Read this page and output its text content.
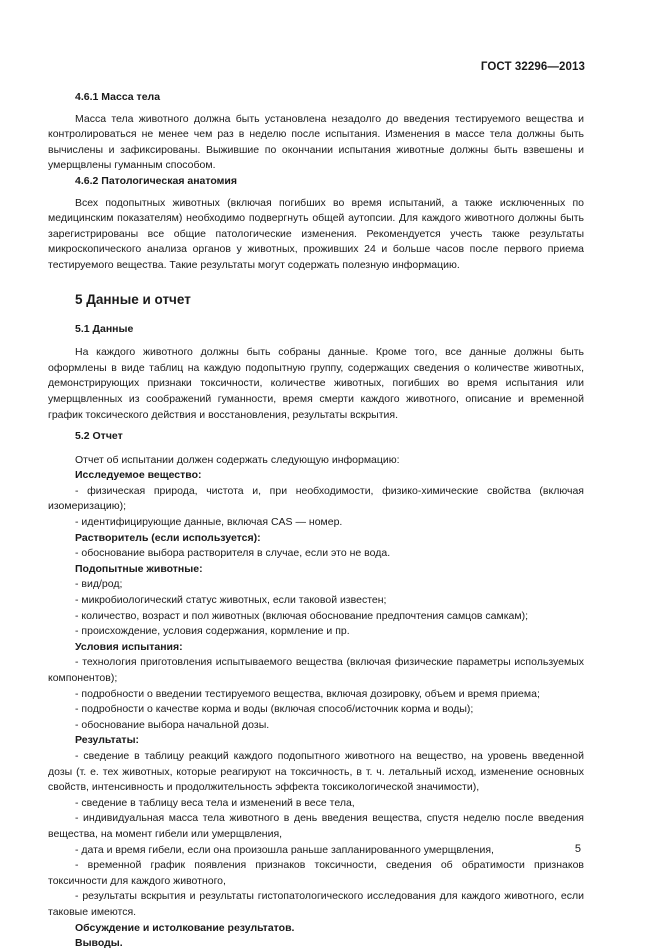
ГОСТ 32296—2013

4.6.1 Масса тела

Масса тела животного должна быть установлена незадолго до введения тестируемого вещества и контролироваться не менее чем раз в неделю после испытания. Изменения в массе тела должны быть вычислены и зафиксированы. Выжившие по окончании испытания животные должны быть взвешены и умерщвлены гуманным способом.

4.6.2 Патологическая анатомия

Всех подопытных животных (включая погибших во время испытаний, а также исключенных по медицинским показателям) необходимо подвергнуть общей аутопсии. Для каждого животного должны быть зарегистрированы все общие патологические изменения. Рекомендуется учесть также результаты микроскопического анализа органов у животных, проживших 24 и больше часов после первого приема тестируемого вещества. Такие результаты могут содержать полезную информацию.

5 Данные и отчет

5.1 Данные

На каждого животного должны быть собраны данные. Кроме того, все данные должны быть оформлены в виде таблиц на каждую подопытную группу, содержащих сведения о количестве животных, демонстрирующих признаки токсичности, количестве животных, погибших во время испытания или умерщвленных из соображений гуманности, время смерти каждого животного, описание и временной график токсического действия и восстановления, результаты вскрытия.

5.2 Отчет

Отчет об испытании должен содержать следующую информацию:

Исследуемое вещество:

- физическая природа, чистота и, при необходимости, физико-химические свойства (включая изомеризацию);

- идентифицирующие данные, включая CAS — номер.

Растворитель (если используется):

- обоснование выбора растворителя в случае, если это не вода.

Подопытные животные:

- вид/род;

- микробиологический статус животных, если таковой известен;

- количество, возраст и пол животных (включая обоснование предпочтения самцов самкам);

- происхождение, условия содержания, кормление и пр.

Условия испытания:

- технология приготовления испытываемого вещества (включая физические параметры используемых компонентов);

- подробности о введении тестируемого вещества, включая дозировку, объем и время приема;

- подробности о качестве корма и воды (включая способ/источник корма и воды);

- обоснование выбора начальной дозы.

Результаты:

- сведение в таблицу реакций каждого подопытного животного на вещество, на уровень введенной дозы (т. е. тех животных, которые реагируют на токсичность, в т. ч. летальный исход, изменение основных свойств, интенсивность и продолжительность эффекта токсикологической значимости),

- сведение в таблицу веса тела и изменений в весе тела,

- индивидуальная масса тела животного в день введения вещества, спустя неделю после введения вещества, на момент гибели или умерщвления,

- дата и время гибели, если она произошла раньше запланированного умерщвления,

- временной график появления признаков токсичности, сведения об обратимости признаков токсичности для каждого животного,

- результаты вскрытия и результаты гистопатологического исследования для каждого животного, если таковые имеются.

Обсуждение и истолкование результатов.

Выводы.

5
